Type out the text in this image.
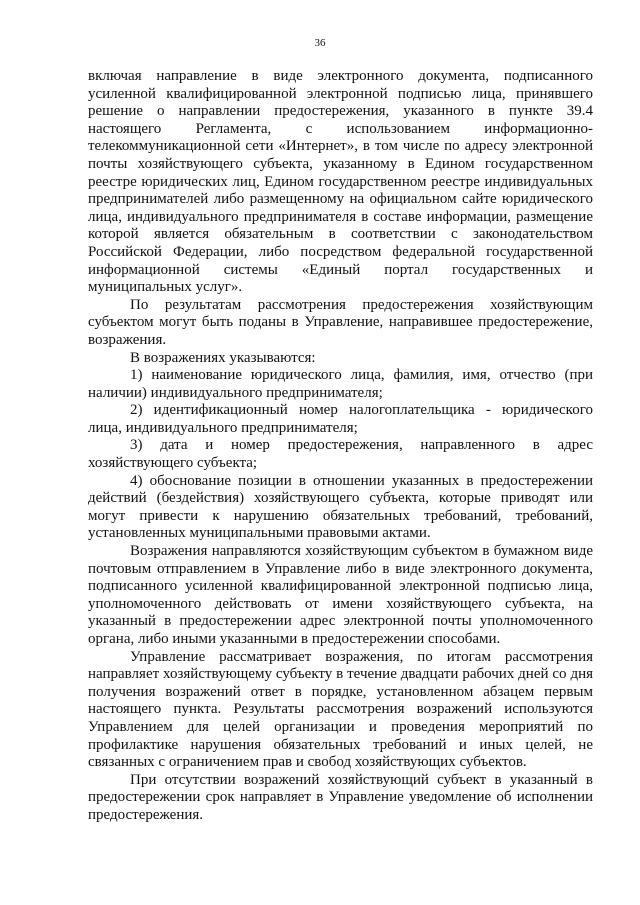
36

включая направление в виде электронного документа, подписанного усиленной квалифицированной электронной подписью лица, принявшего решение о направлении предостережения, указанного в пункте 39.4 настоящего Регламента, с использованием информационно-телекоммуникационной сети «Интернет», в том числе по адресу электронной почты хозяйствующего субъекта, указанному в Едином государственном реестре юридических лиц, Едином государственном реестре индивидуальных предпринимателей либо размещенному на официальном сайте юридического лица, индивидуального предпринимателя в составе информации, размещение которой является обязательным в соответствии с законодательством Российской Федерации, либо посредством федеральной государственной информационной системы «Единый портал государственных и муниципальных услуг».

По результатам рассмотрения предостережения хозяйствующим субъектом могут быть поданы в Управление, направившее предостережение, возражения.

В возражениях указываются:

1) наименование юридического лица, фамилия, имя, отчество (при наличии) индивидуального предпринимателя;

2) идентификационный номер налогоплательщика - юридического лица, индивидуального предпринимателя;

3) дата и номер предостережения, направленного в адрес хозяйствующего субъекта;

4) обоснование позиции в отношении указанных в предостережении действий (бездействия) хозяйствующего субъекта, которые приводят или могут привести к нарушению обязательных требований, требований, установленных муниципальными правовыми актами.

Возражения направляются хозяйствующим субъектом в бумажном виде почтовым отправлением в Управление либо в виде электронного документа, подписанного усиленной квалифицированной электронной подписью лица, уполномоченного действовать от имени хозяйствующего субъекта, на указанный в предостережении адрес электронной почты уполномоченного органа, либо иными указанными в предостережении способами.

Управление рассматривает возражения, по итогам рассмотрения направляет хозяйствующему субъекту в течение двадцати рабочих дней со дня получения возражений ответ в порядке, установленном абзацем первым настоящего пункта. Результаты рассмотрения возражений используются Управлением для целей организации и проведения мероприятий по профилактике нарушения обязательных требований и иных целей, не связанных с ограничением прав и свобод хозяйствующих субъектов.

При отсутствии возражений хозяйствующий субъект в указанный в предостережении срок направляет в Управление уведомление об исполнении предостережения.
